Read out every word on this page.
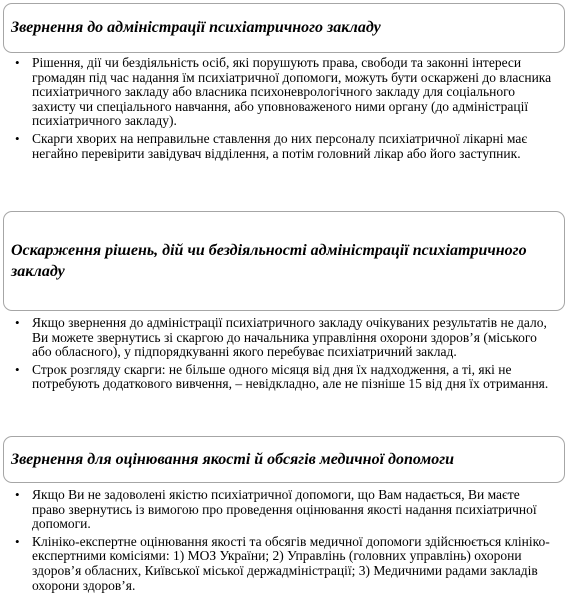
Звернення до адміністрації психіатричного закладу
• Рішення, дії чи бездіяльність осіб, які порушують права, свободи та законні інтереси громадян під час надання їм психіатричної допомоги, можуть бути оскаржені до власника психіатричного закладу або власника психоневрологічного закладу для соціального захисту чи спеціального навчання, або уповноваженого ними органу (до адміністрації психіатричного закладу).
• Скарги хворих на неправильне ставлення до них персоналу психіатричної лікарні має негайно перевірити завідувач відділення, а потім головний лікар або його заступник.
Оскарження рішень, дій чи бездіяльності адміністрації психіатричного закладу
• Якщо звернення до адміністрації психіатричного закладу очікуваних результатів не дало, Ви можете звернутись зі скаргою до начальника управління охорони здоров’я (міського або обласного), у підпорядкуванні якого перебуває психіатричний заклад.
• Строк розгляду скарги: не більше одного місяця від дня їх надходження, а ті, які не потребують додаткового вивчення, – невідкладно, але не пізніше 15 від дня їх отримання.
Звернення для оцінювання якості й обсягів медичної допомоги
• Якщо Ви не задоволені якістю психіатричної допомоги, що Вам надається, Ви маєте право звернутись із вимогою про проведення оцінювання якості надання психіатричної допомоги.
• Клініко-експертне оцінювання якості та обсягів медичної допомоги здійснюється клініко-експертними комісіями: 1) МОЗ України; 2) Управлінь (головних управлінь) охорони здоров’я обласних, Київської міської держадміністрації; 3) Медичними радами закладів охорони здоров’я.
